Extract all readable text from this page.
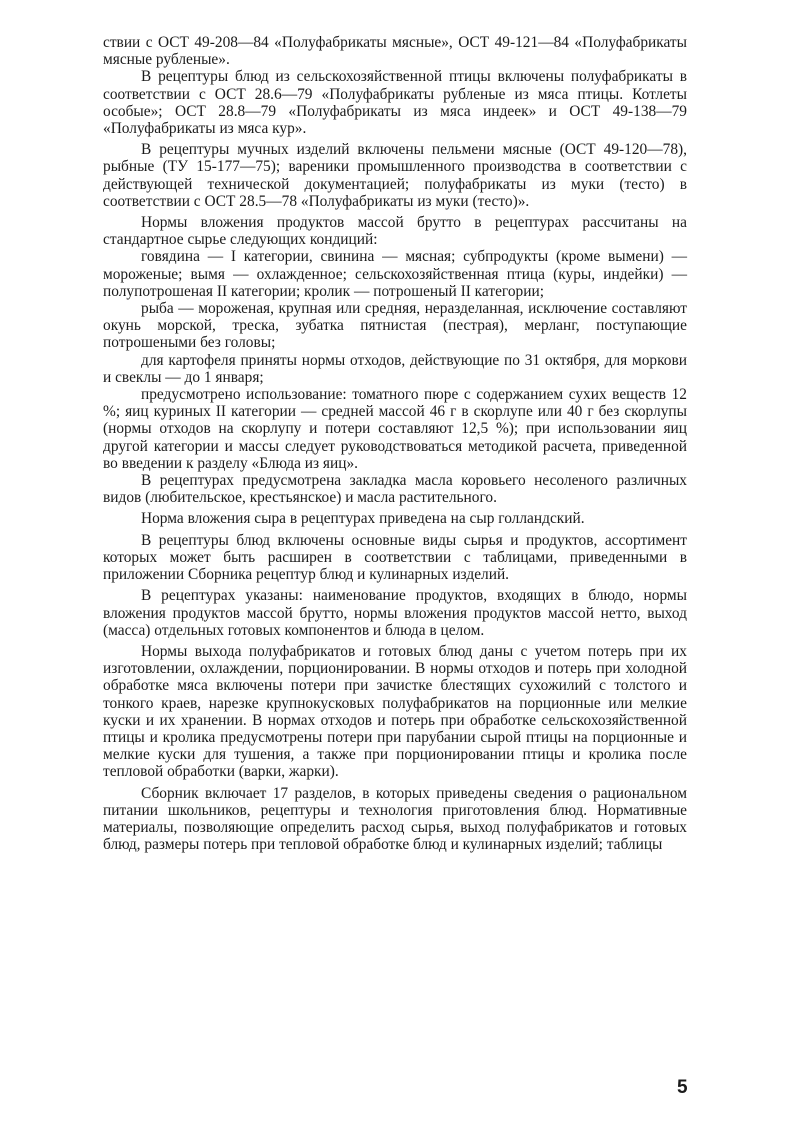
ствии с ОСТ 49-208—84 «Полуфабрикаты мясные», ОСТ 49-121—84 «Полуфабрикаты мясные рубленые».

В рецептуры блюд из сельскохозяйственной птицы включены полуфабрикаты в соответствии с ОСТ 28.6—79 «Полуфабрикаты рубленые из мяса птицы. Котлеты особые»; ОСТ 28.8—79 «Полуфабрикаты из мяса индеек» и ОСТ 49-138—79 «Полуфабрикаты из мяса кур».

В рецептуры мучных изделий включены пельмени мясные (ОСТ 49-120—78), рыбные (ТУ 15-177—75); вареники промышленного производства в соответствии с действующей технической документацией; полуфабрикаты из муки (тесто) в соответствии с ОСТ 28.5—78 «Полуфабрикаты из муки (тесто)».

Нормы вложения продуктов массой брутто в рецептурах рассчитаны на стандартное сырье следующих кондиций:

говядина — I категории, свинина — мясная; субпродукты (кроме вымени) — мороженые; вымя — охлажденное; сельскохозяйственная птица (куры, индейки) — полупотрошеная II категории; кролик — потрошеный II категории;

рыба — мороженая, крупная или средняя, неразделанная, исключение составляют окунь морской, треска, зубатка пятнистая (пестрая), мерланг, поступающие потрошеными без головы;

для картофеля приняты нормы отходов, действующие по 31 октября, для моркови и свеклы — до 1 января;

предусмотрено использование: томатного пюре с содержанием сухих веществ 12 %; яиц куриных II категории — средней массой 46 г в скорлупе или 40 г без скорлупы (нормы отходов на скорлупу и потери составляют 12,5 %); при использовании яиц другой категории и массы следует руководствоваться методикой расчета, приведенной во введении к разделу «Блюда из яиц».

В рецептурах предусмотрена закладка масла коровьего несоленого различных видов (любительское, крестьянское) и масла растительного.

Норма вложения сыра в рецептурах приведена на сыр голландский.

В рецептуры блюд включены основные виды сырья и продуктов, ассортимент которых может быть расширен в соответствии с таблицами, приведенными в приложении Сборника рецептур блюд и кулинарных изделий.

В рецептурах указаны: наименование продуктов, входящих в блюдо, нормы вложения продуктов массой брутто, нормы вложения продуктов массой нетто, выход (масса) отдельных готовых компонентов и блюда в целом.

Нормы выхода полуфабрикатов и готовых блюд даны с учетом потерь при их изготовлении, охлаждении, порционировании. В нормы отходов и потерь при холодной обработке мяса включены потери при зачистке блестящих сухожилий с толстого и тонкого краев, нарезке крупнокусковых полуфабрикатов на порционные или мелкие куски и их хранении. В нормах отходов и потерь при обработке сельскохозяйственной птицы и кролика предусмотрены потери при парубании сырой птицы на порционные и мелкие куски для тушения, а также при порционировании птицы и кролика после тепловой обработки (варки, жарки).

Сборник включает 17 разделов, в которых приведены сведения о рациональном питании школьников, рецептуры и технология приготовления блюд. Нормативные материалы, позволяющие определить расход сырья, выход полуфабрикатов и готовых блюд, размеры потерь при тепловой обработке блюд и кулинарных изделий; таблицы

5
